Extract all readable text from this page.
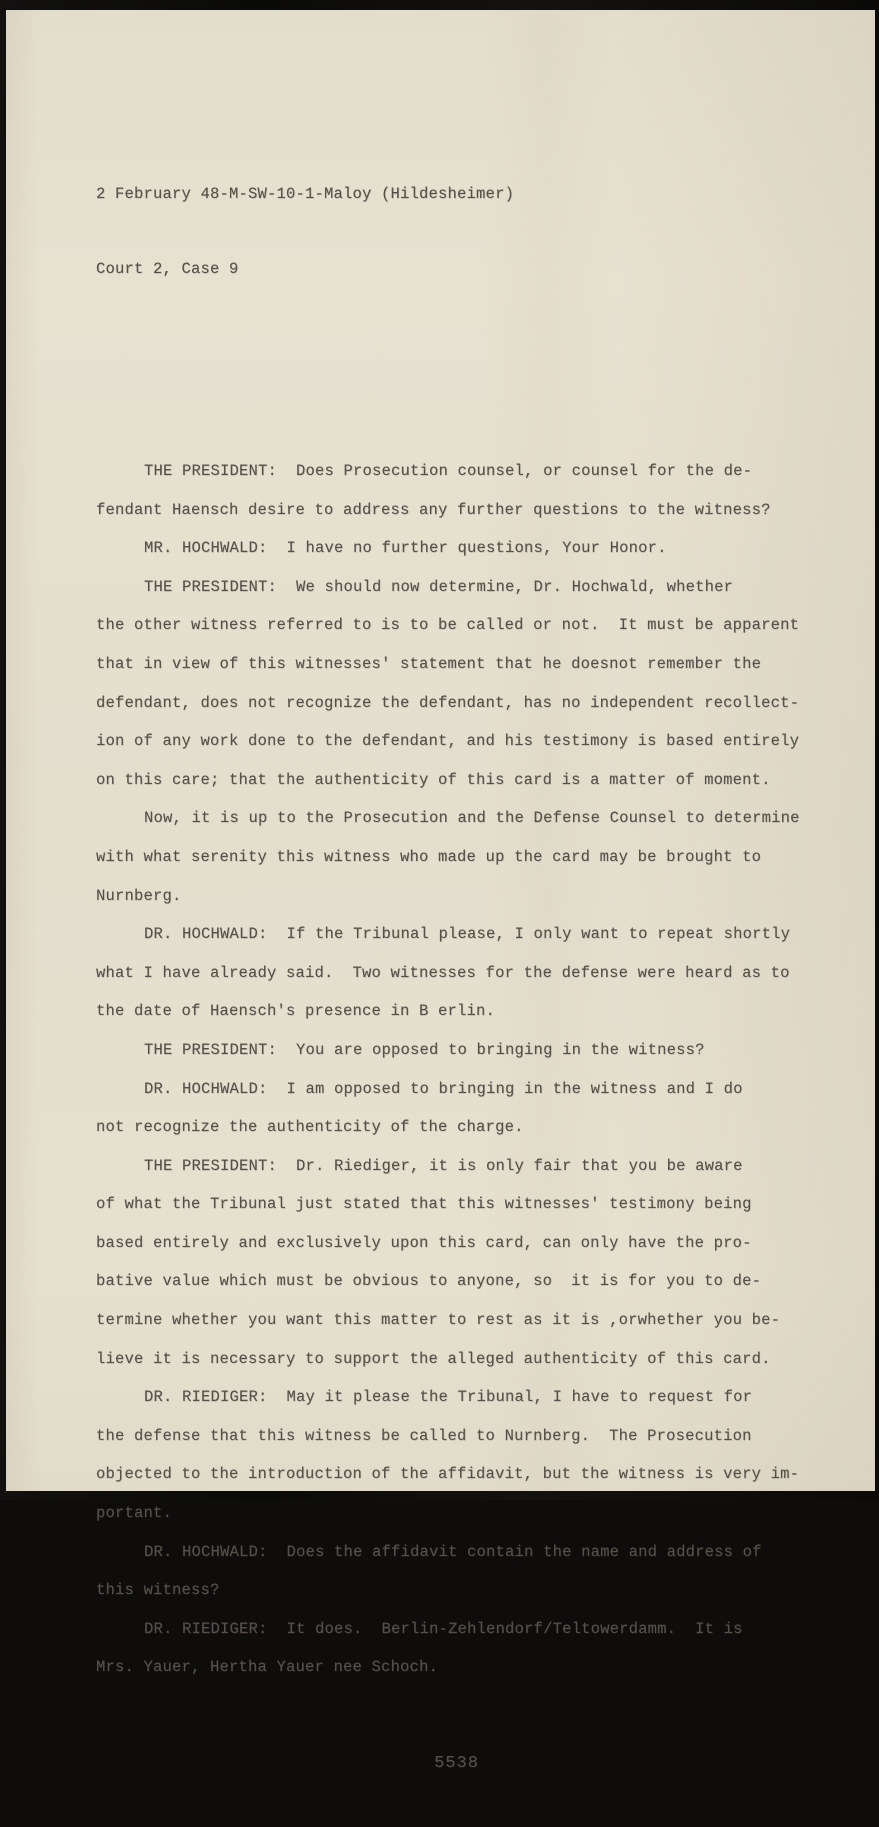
2 February 48-M-SW-10-1-Maloy (Hildesheimer)

Court 2, Case 9

THE PRESIDENT:  Does Prosecution counsel, or counsel for the de-
fendant Haensch desire to address any further questions to the witness?
MR. HOCHWALD:  I have no further questions, Your Honor.
THE PRESIDENT:  We should now determine, Dr. Hochwald, whether
the other witness referred to is to be called or not.  It must be apparent
that in view of this witnesses' statement that he doesnot remember the
defendant, does not recognize the defendant, has no independent recollect-
ion of any work done to the defendant, and his testimony is based entirely
on this care; that the authenticity of this card is a matter of moment.
Now, it is up to the Prosecution and the Defense Counsel to determine
with what serenity this witness who made up the card may be brought to
Nurnberg.
DR. HOCHWALD:  If the Tribunal please, I only want to repeat shortly
what I have already said.  Two witnesses for the defense were heard as to
the date of Haensch's presence in B erlin.
THE PRESIDENT:  You are opposed to bringing in the witness?
DR. HOCHWALD:  I am opposed to bringing in the witness and I do
not recognize the authenticity of the charge.
THE PRESIDENT:  Dr. Riediger, it is only fair that you be aware
of what the Tribunal just stated that this witnesses' testimony being
based entirely and exclusively upon this card, can only have the pro-
bative value which must be obvious to anyone, so  it is for you to de-
termine whether you want this matter to rest as it is ,orwhether you be-
lieve it is necessary to support the alleged authenticity of this card.
DR. RIEDIGER:  May it please the Tribunal, I have to request for
the defense that this witness be called to Nurnberg.  The Prosecution
objected to the introduction of the affidavit, but the witness is very im-
portant.
DR. HOCHWALD:  Does the affidavit contain the name and address of
this witness?
DR. RIEDIGER:  It does.  Berlin-Zehlendorf/Teltowerdamm.  It is
Mrs. Yauer, Hertha Yauer nee Schoch.

5538
